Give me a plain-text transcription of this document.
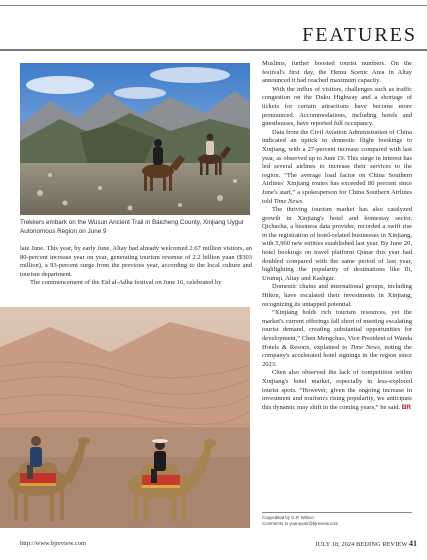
FEATURES
Trekkers embark on the Wusun Ancient Trail in Baicheng County, Xinjiang Uygur Autonomous Region on June 9

late June. This year, by early June, Altay had already welcomed 2.67 million visitors, an 80-percent increase year on year, generating tourism revenue of 2.2 billion yuan ($303 million), a 93-percent surge from the previous year, according to the local culture and tourism department.

The commencement of the Eid al-Adha festival on June 16, celebrated by

Muslims, further boosted tourist numbers. On the festival's first day, the Hemu Scenic Area in Altay announced it had reached maximum capacity.

With the influx of visitors, challenges such as traffic congestion on the Duku Highway and a shortage of tickets for certain attractions have become more pronounced. Accommodations, including hotels and guesthouses, have reported full occupancy.

Data from the Civil Aviation Administration of China indicated an uptick in domestic flight bookings to Xinjiang, with a 27-percent increase compared with last year, as observed up to June 19. This surge in interest has led several airlines to increase their services to the region. “The average load factor on China Southern Airlines' Xinjiang routes has exceeded 80 percent since June's start,” a spokesperson for China Southern Airlines told Time News.

The thriving tourism market has also catalyzed growth in Xinjiang's hotel and homestay sector. Qichacha, a business data provider, recorded a swift rise in the registration of hotel-related businesses in Xinjiang, with 5,960 new entities established last year. By June 20, hotel bookings on travel platform Qunar this year had doubled compared with the same period of last year, highlighting the popularity of destinations like Ili, Urumqi, Altay and Kashgar.

Domestic chains and international groups, including Hilton, have escalated their investments in Xinjiang, recognizing its untapped potential.

“Xinjiang holds rich tourism resources, yet the market's current offerings fall short of meeting escalating tourist demand, creating substantial opportunities for development,” Chen Mengchao, Vice President of Wanda Hotels & Resorts, explained to Time News, noting the company's accelerated hotel signings in the region since 2023.

Chen also observed the lack of competition within Xinjiang's hotel market, especially in less-explored tourist spots. “However, given the ongoing increase in investment and tourism's rising popularity, we anticipate this dynamic may shift in the coming years,” he said. BR

Copyedited by G.P. Wilson
Comments to yuanyuan@bjreview.com
http://www.bjreview.com	JULY 18, 2024 BEIJING REVIEW 41
